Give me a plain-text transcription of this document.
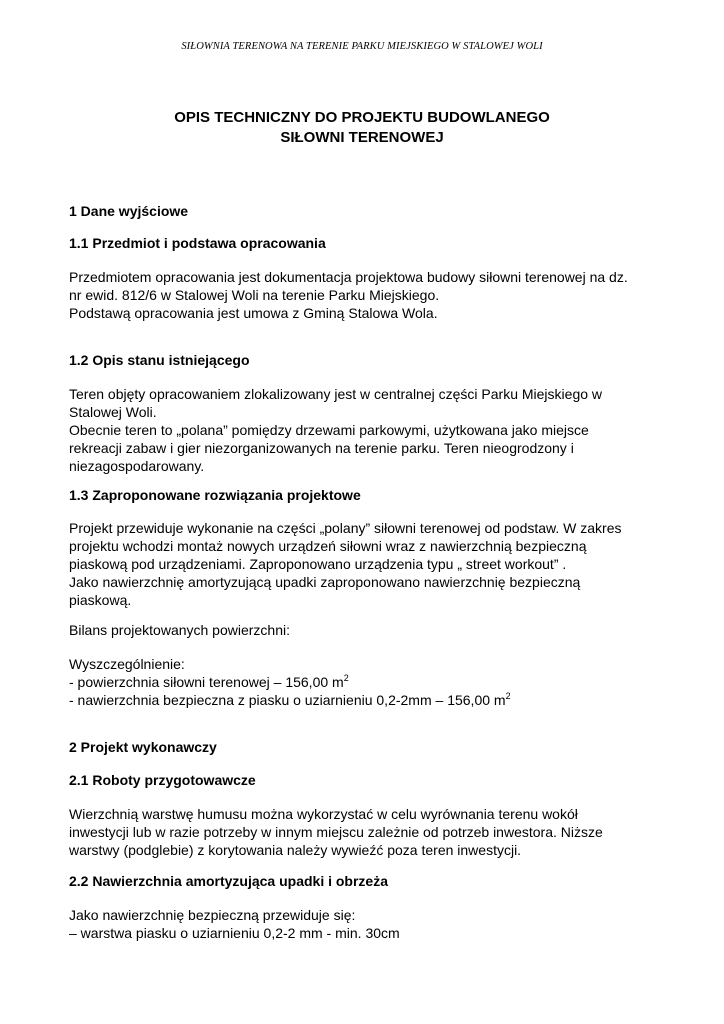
SIŁOWNIA TERENOWA NA TERENIE PARKU MIEJSKIEGO W STALOWEJ WOLI
OPIS TECHNICZNY DO PROJEKTU BUDOWLANEGO
SIŁOWNI TERENOWEJ
1 Dane wyjściowe
1.1 Przedmiot i podstawa opracowania
Przedmiotem opracowania jest dokumentacja projektowa budowy siłowni terenowej na dz.
nr ewid. 812/6 w Stalowej Woli na terenie Parku Miejskiego.
Podstawą opracowania jest umowa z Gminą Stalowa Wola.
1.2 Opis stanu istniejącego
Teren objęty opracowaniem zlokalizowany jest w centralnej części Parku Miejskiego w
Stalowej Woli.
Obecnie teren to „polana” pomiędzy drzewami parkowymi, użytkowana jako miejsce
rekreacji zabaw i gier niezorganizowanych na terenie parku. Teren nieogrodzony i
niezagospodarowany.
1.3 Zaproponowane rozwiązania projektowe
Projekt przewiduje wykonanie na części „polany” siłowni terenowej od podstaw. W zakres
projektu wchodzi montaż nowych urządzeń siłowni wraz z nawierzchnią bezpieczną
piaskową pod urządzeniami. Zaproponowano urządzenia typu „ street workout” .
Jako nawierzchnię amortyzującą upadki zaproponowano nawierzchnię bezpieczną
piaskową.
Bilans projektowanych powierzchni:
Wyszczególnienie:
- powierzchnia siłowni terenowej – 156,00 $m^2$
- nawierzchnia bezpieczna z piasku o uziarnieniu 0,2-2mm – 156,00 $m^2$
2 Projekt wykonawczy
2.1 Roboty przygotowawcze
Wierzchnią warstwę humusu można wykorzystać w celu wyrównania terenu wokół
inwestycji lub w razie potrzeby w innym miejscu zależnie od potrzeb inwestora. Niższe
warstwy (podglebie) z korytowania należy wywieźć poza teren inwestycji.
2.2 Nawierzchnia amortyzująca upadki i obrzeża
Jako nawierzchnię bezpieczną przewiduje się:
– warstwa piasku o uziarnieniu 0,2-2 mm - min. 30cm
